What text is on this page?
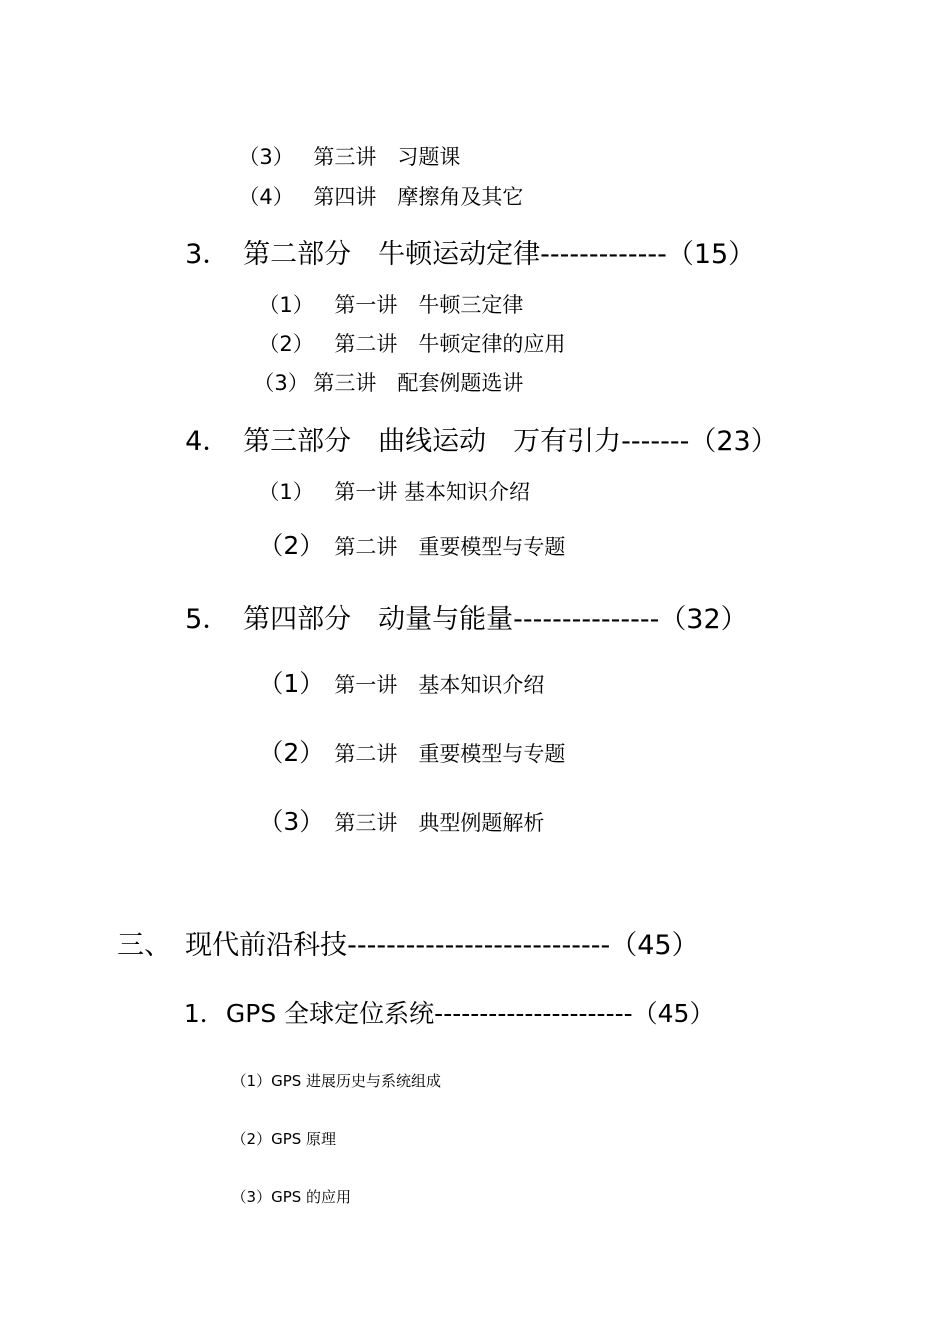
（3） 第三讲　习题课

（4） 第四讲　摩擦角及其它

3． 第二部分　牛顿运动定律-------------（15）

（1） 第一讲　牛顿三定律

（2） 第二讲　牛顿定律的应用

（3） 第三讲　配套例题选讲

4． 第三部分　曲线运动　万有引力-------（23）

（1） 第一讲 基本知识介绍

（2） 第二讲　重要模型与专题

5． 第四部分　动量与能量---------------（32）

（1） 第一讲　基本知识介绍

（2） 第二讲　重要模型与专题

（3） 第三讲　典型例题解析

三、 现代前沿科技---------------------------（45）

1．GPS 全球定位系统----------------------（45）

（1）GPS 进展历史与系统组成

（2）GPS 原理

（3）GPS 的应用
